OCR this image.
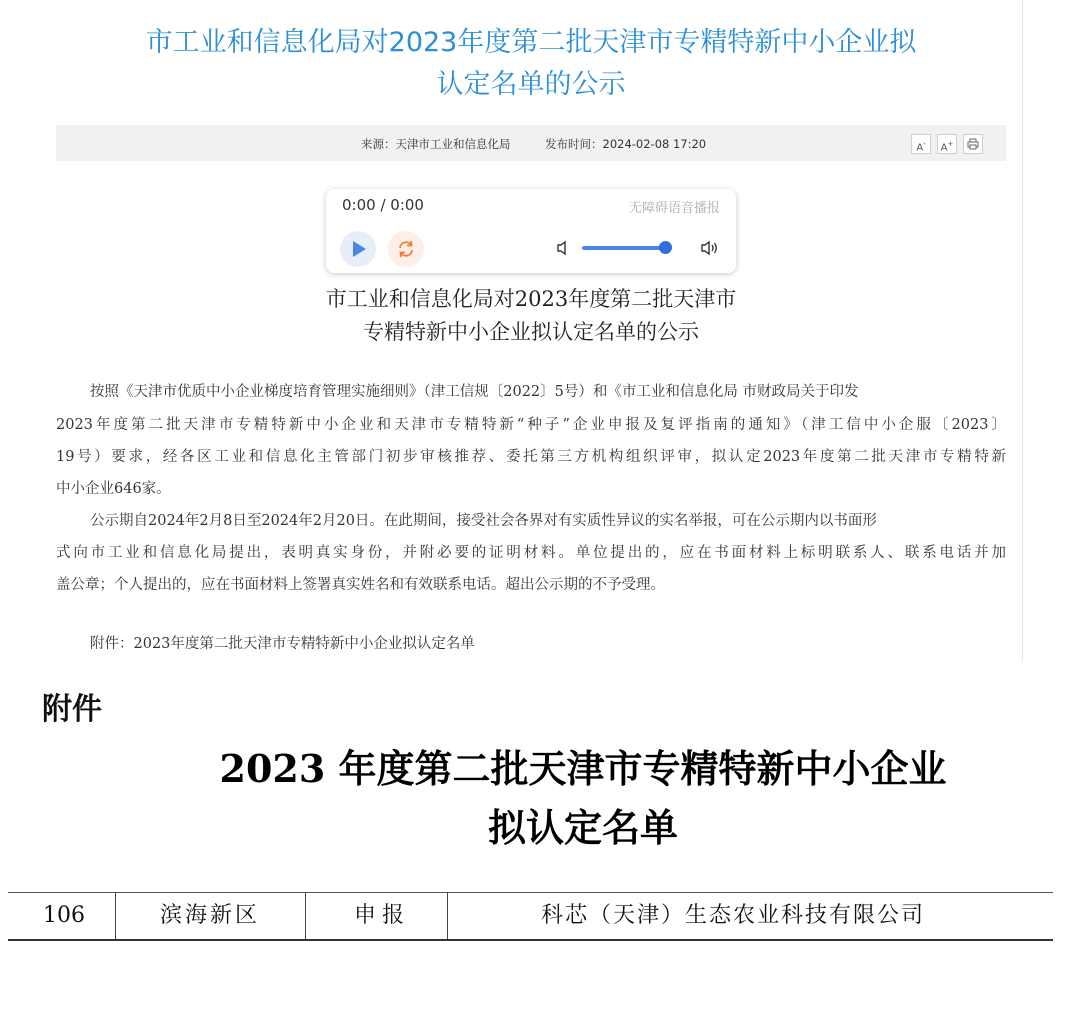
市工业和信息化局对2023年度第二批天津市专精特新中小企业拟
认定名单的公示
来源：天津市工业和信息化局	发布时间：2024-02-08 17:20	A-	A+
0:00 / 0:00	无障碍语音播报
市工业和信息化局对2023年度第二批天津市
专精特新中小企业拟认定名单的公示
按照《天津市优质中小企业梯度培育管理实施细则》（津工信规〔2022〕5号）和《市工业和信息化局 市财政局关于印发
2023年度第二批天津市专精特新中小企业和天津市专精特新“种子”企业申报及复评指南的通知》（津工信中小企服〔2023〕
19号）要求，经各区工业和信息化主管部门初步审核推荐、委托第三方机构组织评审，拟认定2023年度第二批天津市专精特新
中小企业646家。
公示期自2024年2月8日至2024年2月20日。在此期间，接受社会各界对有实质性异议的实名举报，可在公示期内以书面形
式向市工业和信息化局提出，表明真实身份，并附必要的证明材料。单位提出的，应在书面材料上标明联系人、联系电话并加
盖公章；个人提出的，应在书面材料上签署真实姓名和有效联系电话。超出公示期的不予受理。
附件：2023年度第二批天津市专精特新中小企业拟认定名单
附件
2023 年度第二批天津市专精特新中小企业
拟认定名单
106	滨海新区	申报	科芯（天津）生态农业科技有限公司
